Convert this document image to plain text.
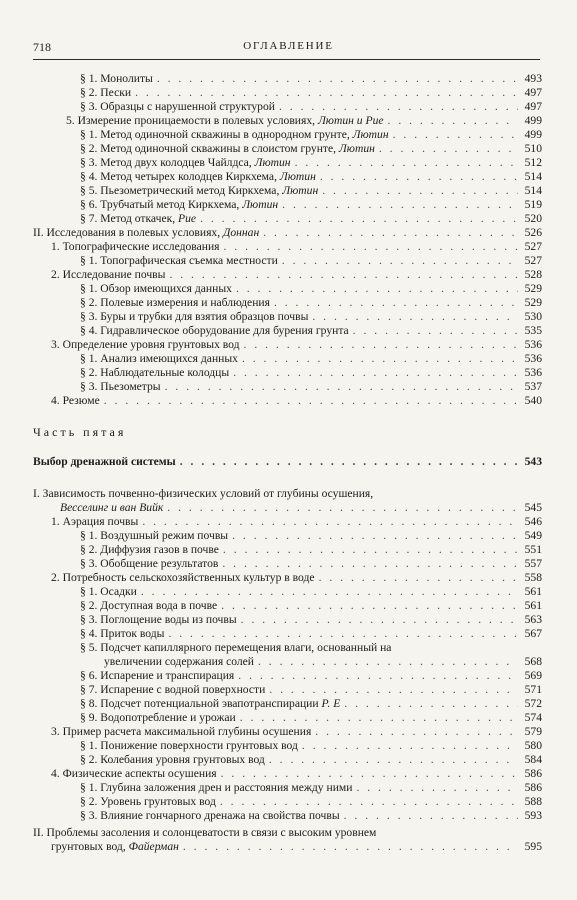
718	ОГЛАВЛЕНИЕ
Часть пятая
§ 1. Монолиты . . .	493
§ 2. Пески . . .	497
§ 3. Образцы с нарушенной структурой . . .	497
5. Измерение проницаемости в полевых условиях, Лютин и Рие . . .	499
§ 1. Метод одиночной скважины в однородном грунте, Лютин . . .	499
§ 2. Метод одиночной скважины в слоистом грунте, Лютин . . .	510
§ 3. Метод двух колодцев Чайлдса, Лютин . . .	512
§ 4. Метод четырех колодцев Киркхема, Лютин . . .	514
§ 5. Пьезометрический метод Киркхема, Лютин . . .	514
§ 6. Трубчатый метод Киркхема, Лютин . . .	519
§ 7. Метод откачек, Рие . . .	520
II. Исследования в полевых условиях, Доннан . . .	526
1. Топографические исследования . . .	527
§ 1. Топографическая съемка местности . . .	527
2. Исследование почвы . . .	528
§ 1. Обзор имеющихся данных . . .	529
§ 2. Полевые измерения и наблюдения . . .	529
§ 3. Буры и трубки для взятия образцов почвы . . .	530
§ 4. Гидравлическое оборудование для бурения грунта . . .	535
3. Определение уровня грунтовых вод . . .	536
§ 1. Анализ имеющихся данных . . .	536
§ 2. Наблюдательные колодцы . . .	536
§ 3. Пьезометры . . .	537
4. Резюме . . .	540
Выбор дренажной системы . . .	543
I. Зависимость почвенно-физических условий от глубины осушения,
Весселинг и ван Вийк . . .	545
1. Аэрация почвы . . .	546
§ 1. Воздушный режим почвы . . .	549
§ 2. Диффузия газов в почве . . .	551
§ 3. Обобщение результатов . . .	557
2. Потребность сельскохозяйственных культур в воде . . .	558
§ 1. Осадки . . .	561
§ 2. Доступная вода в почве . . .	561
§ 3. Поглощение воды из почвы . . .	563
§ 4. Приток воды . . .	567
§ 5. Подсчет капиллярного перемещения влаги, основанный на
увеличении содержания солей . . .	568
§ 6. Испарение и транспирация . . .	569
§ 7. Испарение с водной поверхности . . .	571
§ 8. Подсчет потенциальной эвапотранспирации Р. Е . . .	572
§ 9. Водопотребление и урожаи . . .	574
3. Пример расчета максимальной глубины осушения . . .	579
§ 1. Понижение поверхности грунтовых вод . . .	580
§ 2. Колебания уровня грунтовых вод . . .	584
4. Физические аспекты осушения . . .	586
§ 1. Глубина заложения дрен и расстояния между ними . . .	586
§ 2. Уровень грунтовых вод . . .	588
§ 3. Влияние гончарного дренажа на свойства почвы . . .	593
II. Проблемы засоления и солонцеватости в связи с высоким уровнем
грунтовых вод, Файерман . . .	595
